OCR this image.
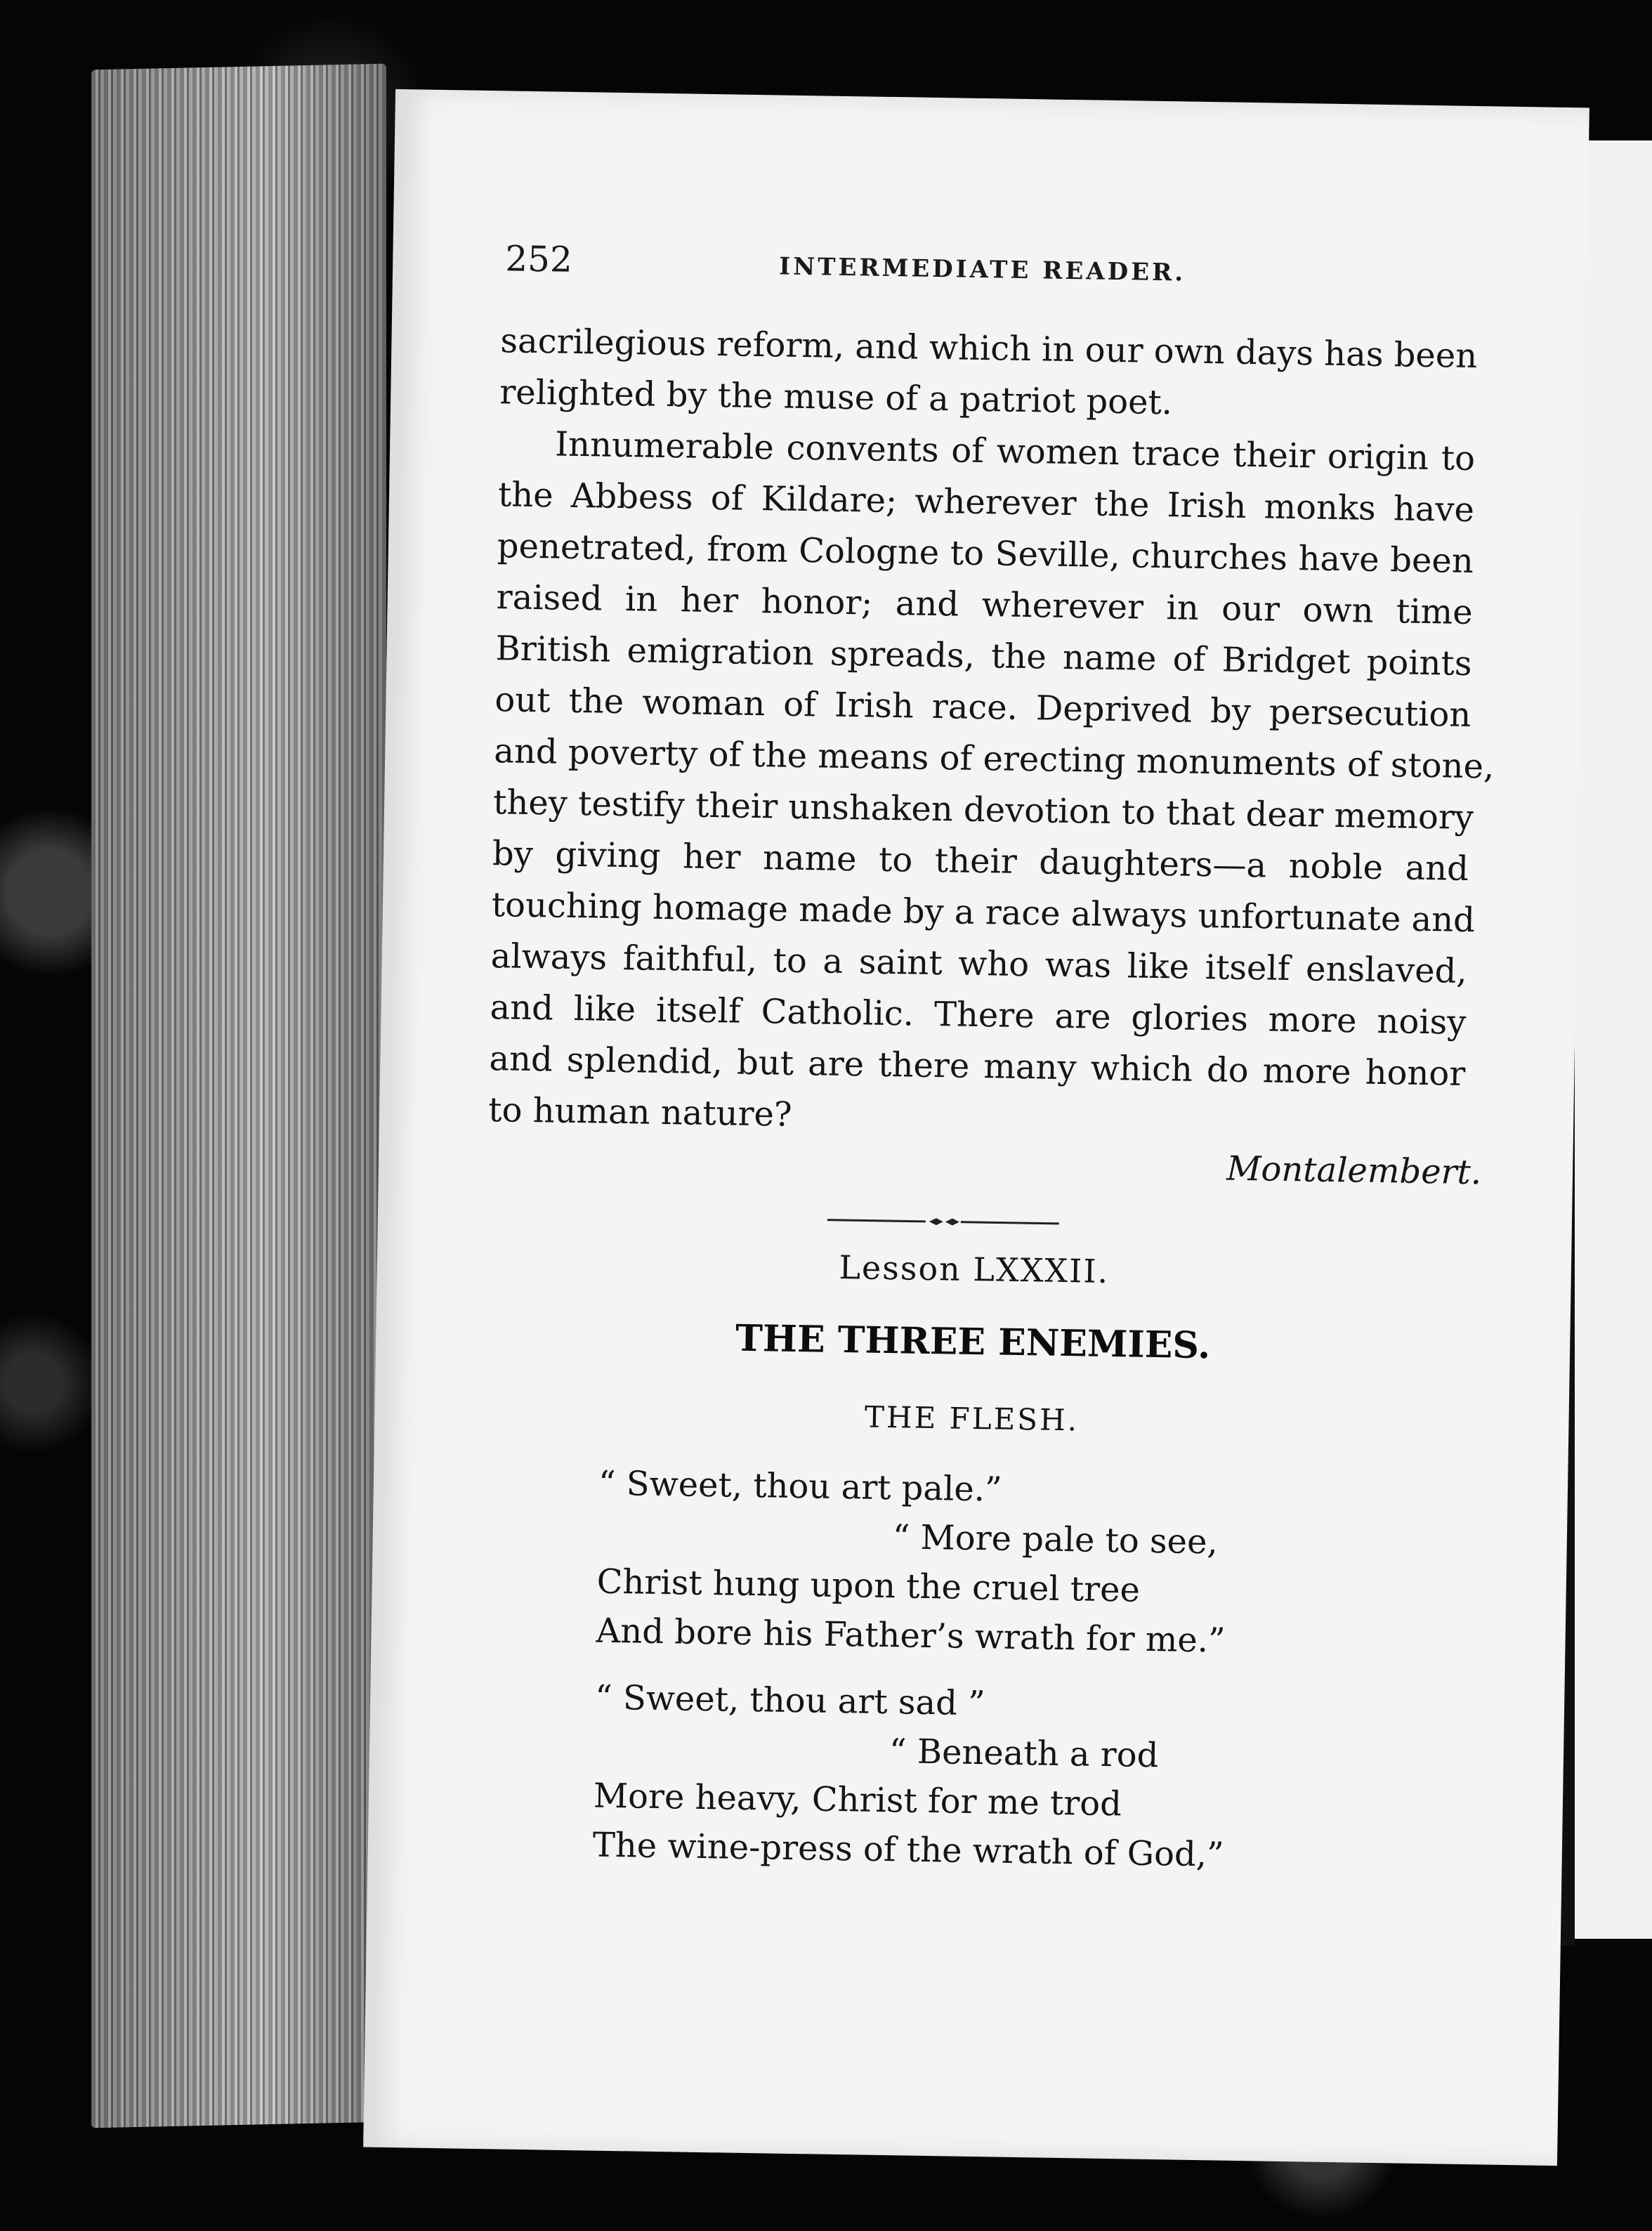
252	INTERMEDIATE READER.

sacrilegious reform, and which in our own days has been
relighted by the muse of a patriot poet.

Innumerable convents of women trace their origin to
the Abbess of Kildare; wherever the Irish monks have
penetrated, from Cologne to Seville, churches have been
raised in her honor; and wherever in our own time
British emigration spreads, the name of Bridget points
out the woman of Irish race. Deprived by persecution
and poverty of the means of erecting monuments of stone,
they testify their unshaken devotion to that dear memory
by giving her name to their daughters—a noble and
touching homage made by a race always unfortunate and
always faithful, to a saint who was like itself enslaved,
and like itself Catholic. There are glories more noisy
and splendid, but are there many which do more honor
to human nature?

Montalembert.
Lesson LXXXII.
THE THREE ENEMIES.
THE FLESH.
“ Sweet, thou art pale.”
“ More pale to see,
Christ hung upon the cruel tree
And bore his Father’s wrath for me.”
“ Sweet, thou art sad ”
“ Beneath a rod
More heavy, Christ for me trod
The wine-press of the wrath of God,”
